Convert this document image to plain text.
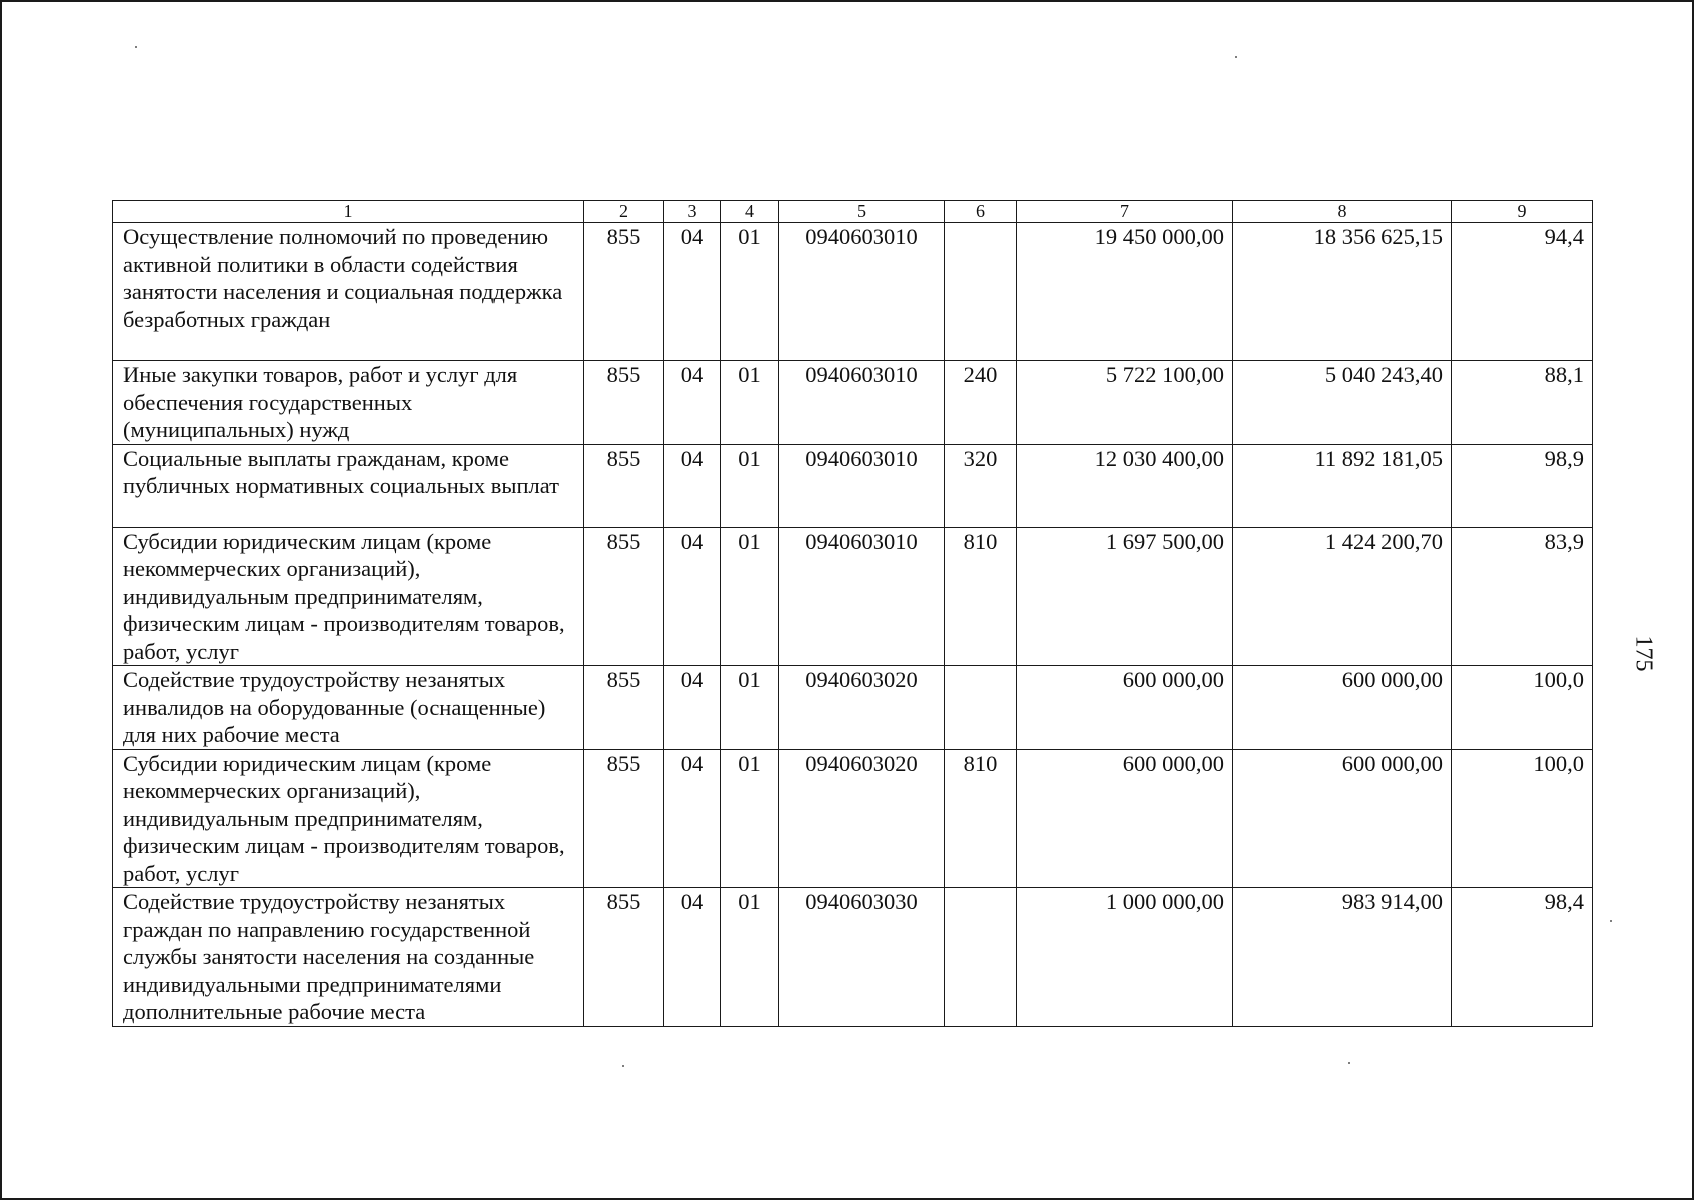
1	2	3	4	5	6	7	8	9
Осуществление полномочий по проведению активной политики в области содействия занятости населения и социальная поддержка безработных граждан	855	04	01	0940603010		19 450 000,00	18 356 625,15	94,4
Иные закупки товаров, работ и услуг для обеспечения государственных (муниципальных) нужд	855	04	01	0940603010	240	5 722 100,00	5 040 243,40	88,1
Социальные выплаты гражданам, кроме публичных нормативных социальных выплат	855	04	01	0940603010	320	12 030 400,00	11 892 181,05	98,9
Субсидии юридическим лицам (кроме некоммерческих организаций), индивидуальным предпринимателям, физическим лицам - производителям товаров, работ, услуг	855	04	01	0940603010	810	1 697 500,00	1 424 200,70	83,9
Содействие трудоустройству незанятых инвалидов на оборудованные (оснащенные) для них рабочие места	855	04	01	0940603020		600 000,00	600 000,00	100,0
Субсидии юридическим лицам (кроме некоммерческих организаций), индивидуальным предпринимателям, физическим лицам - производителям товаров, работ, услуг	855	04	01	0940603020	810	600 000,00	600 000,00	100,0
Содействие трудоустройству незанятых граждан по направлению государственной службы занятости населения на созданные индивидуальными предпринимателями дополнительные рабочие места	855	04	01	0940603030		1 000 000,00	983 914,00	98,4
175
